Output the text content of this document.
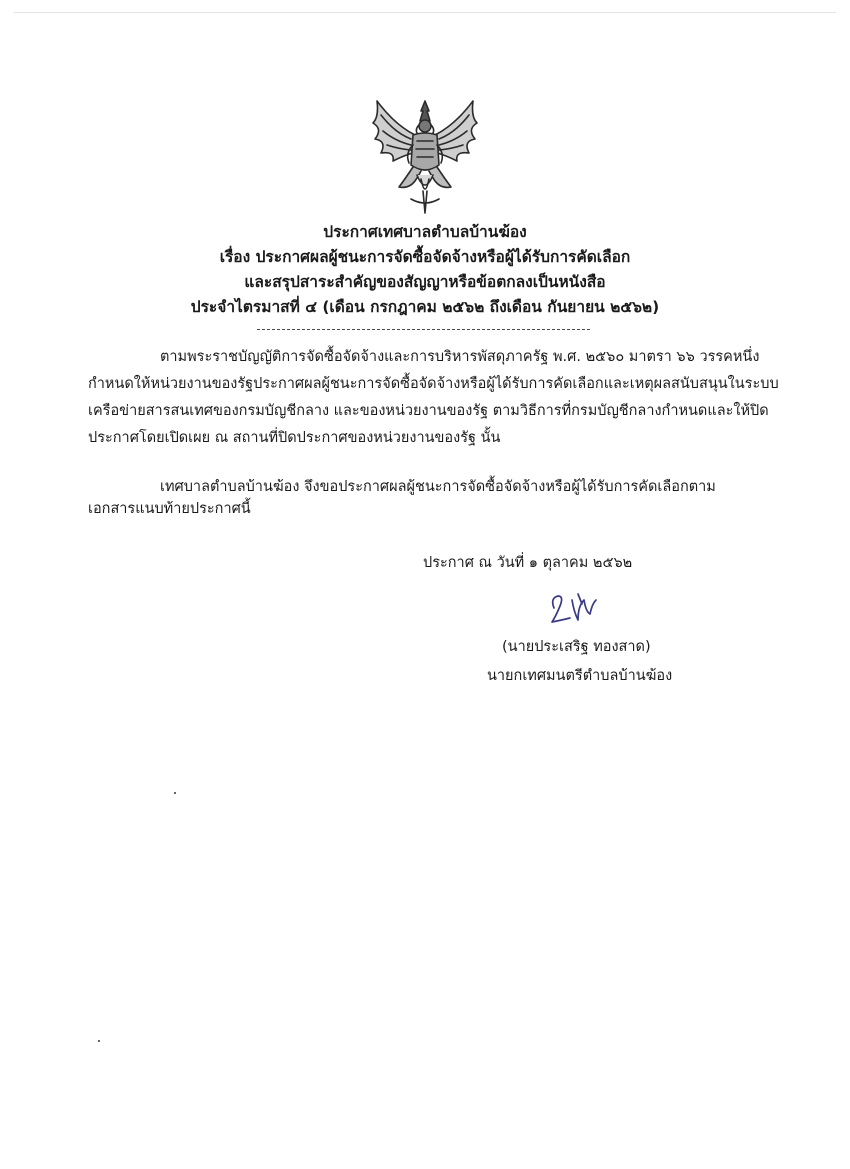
ประกาศเทศบาลตำบลบ้านฆ้อง
เรื่อง ประกาศผลผู้ชนะการจัดซื้อจัดจ้างหรือผู้ได้รับการคัดเลือก
และสรุปสาระสำคัญของสัญญาหรือข้อตกลงเป็นหนังสือ
ประจำไตรมาสที่ ๔ (เดือน กรกฎาคม ๒๕๖๒ ถึงเดือน กันยายน ๒๕๖๒)
ตามพระราชบัญญัติการจัดซื้อจัดจ้างและการบริหารพัสดุภาครัฐ พ.ศ. ๒๕๖๐ มาตรา ๖๖ วรรคหนึ่ง
กำหนดให้หน่วยงานของรัฐประกาศผลผู้ชนะการจัดซื้อจัดจ้างหรือผู้ได้รับการคัดเลือกและเหตุผลสนับสนุนในระบบ
เครือข่ายสารสนเทศของกรมบัญชีกลาง และของหน่วยงานของรัฐ ตามวิธีการที่กรมบัญชีกลางกำหนดและให้ปิด
ประกาศโดยเปิดเผย ณ สถานที่ปิดประกาศของหน่วยงานของรัฐ นั้น
เทศบาลตำบลบ้านฆ้อง จึงขอประกาศผลผู้ชนะการจัดซื้อจัดจ้างหรือผู้ได้รับการคัดเลือกตาม
เอกสารแนบท้ายประกาศนี้
ประกาศ ณ วันที่ ๑ ตุลาคม ๒๕๖๒
(นายประเสริฐ ทองสาด)
นายกเทศมนตรีตำบลบ้านฆ้อง
